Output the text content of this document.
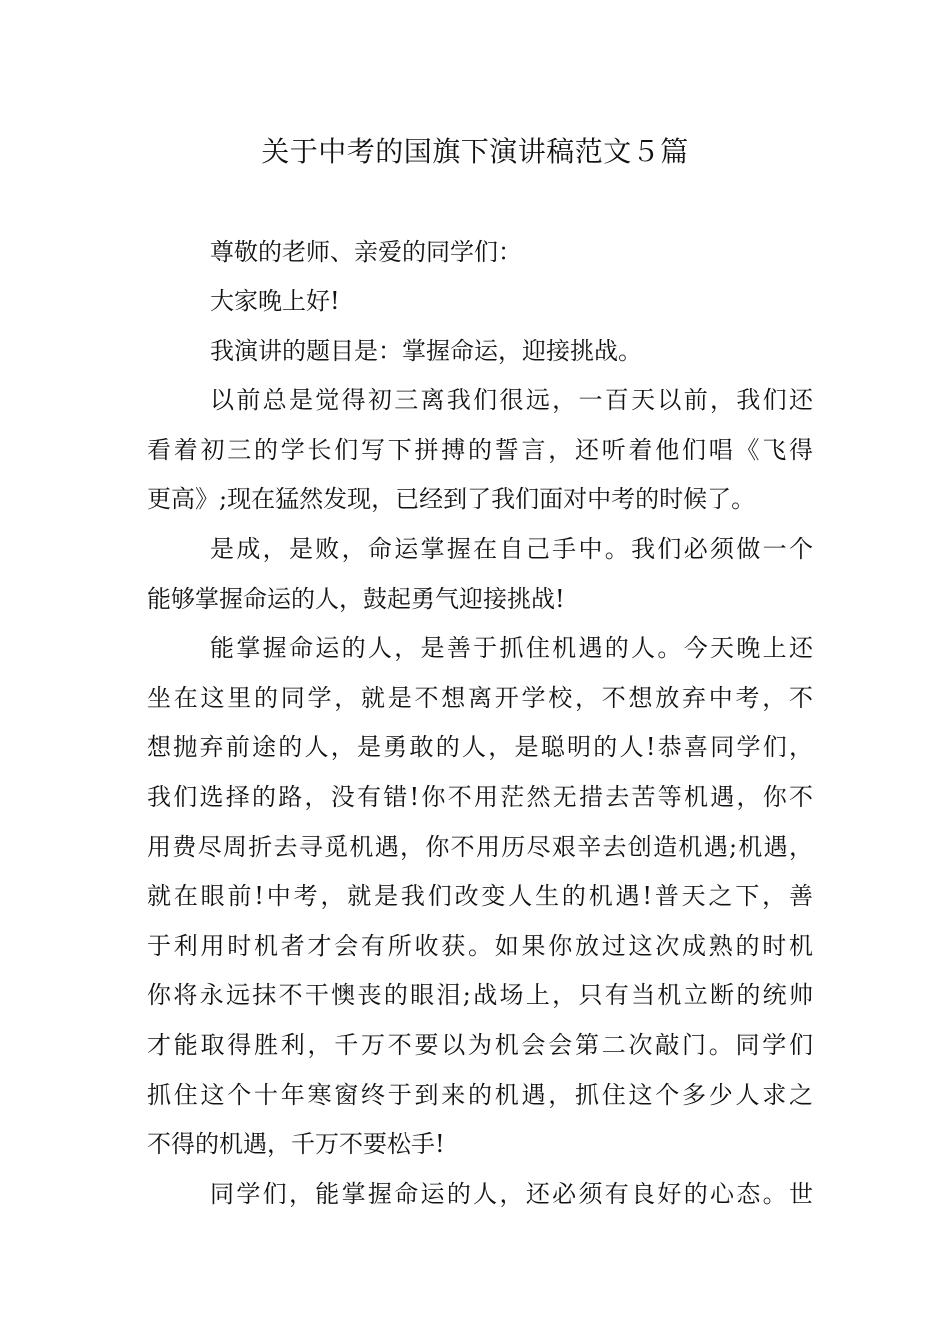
关于中考的国旗下演讲稿范文５篇

尊敬的老师、亲爱的同学们：

大家晚上好!

我演讲的题目是：掌握命运，迎接挑战。

以前总是觉得初三离我们很远，一百天以前，我们还

看着初三的学长们写下拼搏的誓言，还听着他们唱《飞得

更高》;现在猛然发现，已经到了我们面对中考的时候了。

是成，是败，命运掌握在自己手中。我们必须做一个

能够掌握命运的人，鼓起勇气迎接挑战!

能掌握命运的人，是善于抓住机遇的人。今天晚上还

坐在这里的同学，就是不想离开学校，不想放弃中考，不

想抛弃前途的人，是勇敢的人，是聪明的人!恭喜同学们，

我们选择的路，没有错!你不用茫然无措去苦等机遇，你不

用费尽周折去寻觅机遇，你不用历尽艰辛去创造机遇;机遇，

就在眼前!中考，就是我们改变人生的机遇!普天之下，善

于利用时机者才会有所收获。如果你放过这次成熟的时机

你将永远抹不干懊丧的眼泪;战场上，只有当机立断的统帅

才能取得胜利，千万不要以为机会会第二次敲门。同学们

抓住这个十年寒窗终于到来的机遇，抓住这个多少人求之

不得的机遇，千万不要松手!

同学们，能掌握命运的人，还必须有良好的心态。世
